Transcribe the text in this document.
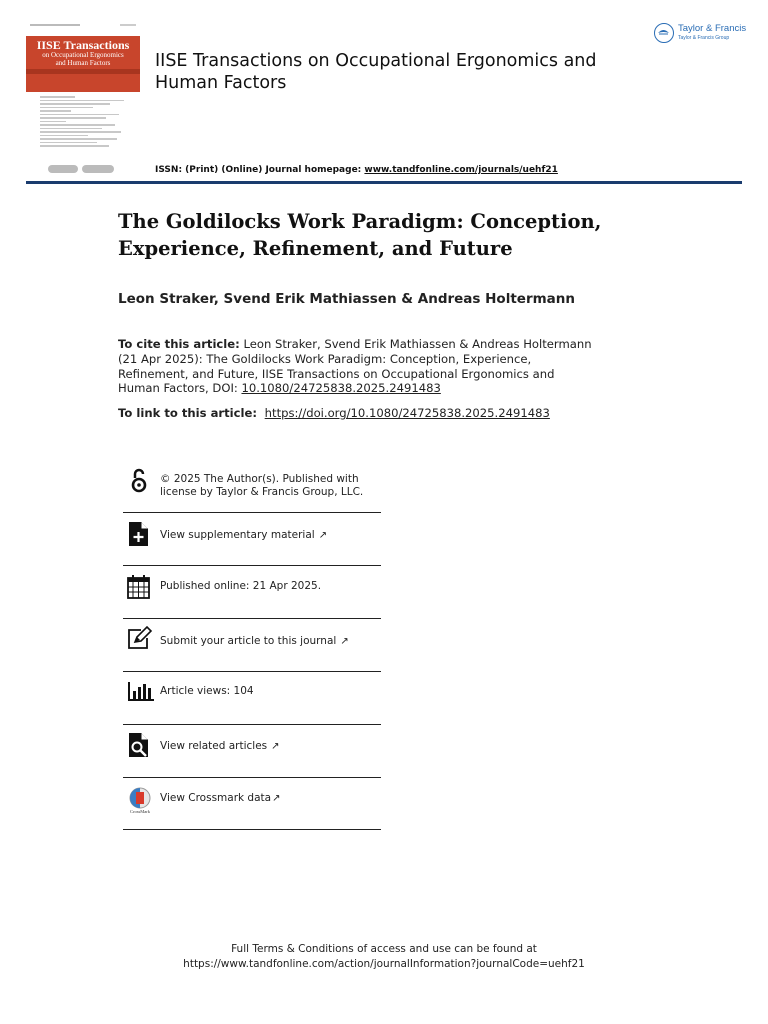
IISE Transactions
on Occupational Ergonomics
and Human Factors
	IISE Transactions on Occupational Ergonomics and Human Factors
Taylor & Francis
Taylor & Francis Group
ISSN: (Print) (Online) Journal homepage: www.tandfonline.com/journals/uehf21
The Goldilocks Work Paradigm: Conception, Experience, Refinement, and Future
Leon Straker, Svend Erik Mathiassen & Andreas Holtermann
To cite this article: Leon Straker, Svend Erik Mathiassen & Andreas Holtermann (21 Apr 2025): The Goldilocks Work Paradigm: Conception, Experience, Refinement, and Future, IISE Transactions on Occupational Ergonomics and Human Factors, DOI: 10.1080/24725838.2025.2491483
To link to this article: https://doi.org/10.1080/24725838.2025.2491483
© 2025 The Author(s). Published with license by Taylor & Francis Group, LLC.
View supplementary material ↗︎
Published online: 21 Apr 2025.
Submit your article to this journal ↗︎
Article views: 104
View related articles ↗︎
CrossMark
View Crossmark data↗︎
Full Terms & Conditions of access and use can be found at
https://www.tandfonline.com/action/journalInformation?journalCode=uehf21
